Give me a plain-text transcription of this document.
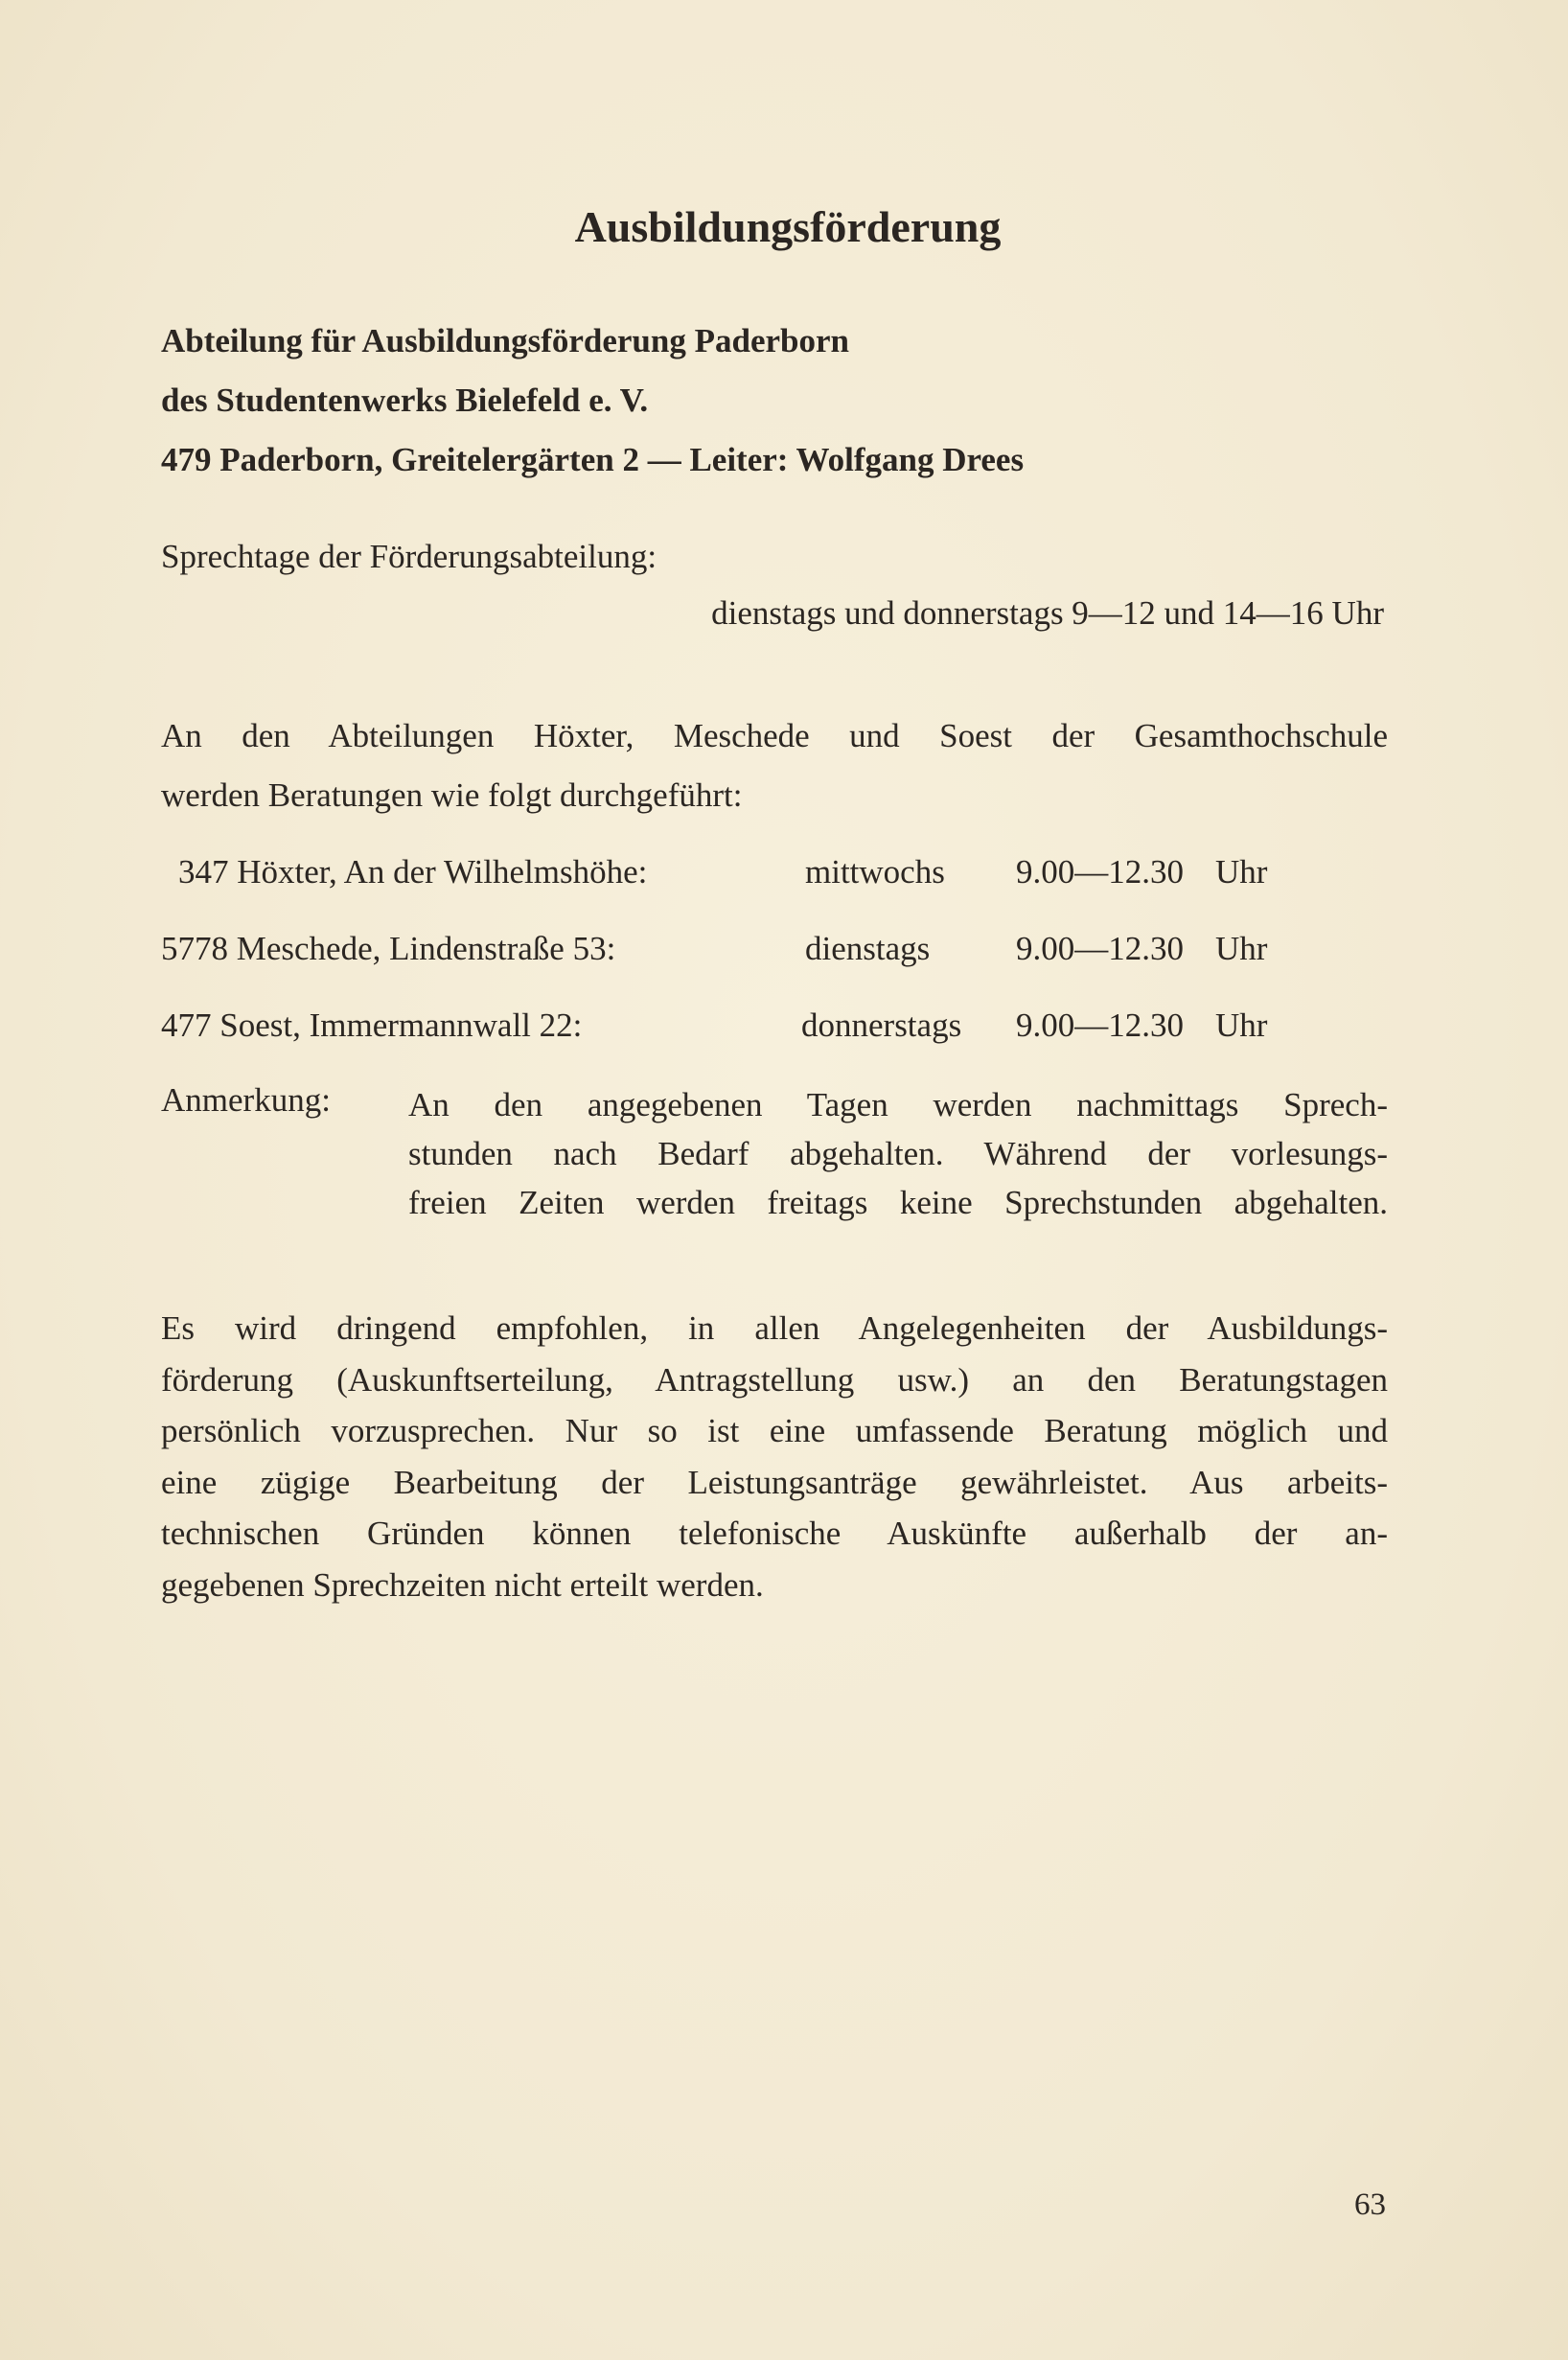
Ausbildungsförderung
Abteilung für Ausbildungsförderung Paderborn
des Studentenwerks Bielefeld e. V.
479 Paderborn, Greitelergärten 2 — Leiter: Wolfgang Drees
Sprechtage der Förderungsabteilung:
dienstags und donnerstags 9—12 und 14—16 Uhr
An den Abteilungen Höxter, Meschede und Soest der Gesamthochschule
werden Beratungen wie folgt durchgeführt:
347 Höxter, An der Wilhelmshöhe:	mittwochs 9.00—12.30 Uhr
5778 Meschede, Lindenstraße 53:	dienstags	9.00—12.30 Uhr
477 Soest, Immermannwall 22:	donnerstags 9.00—12.30 Uhr
Anmerkung: An den angegebenen Tagen werden nachmittags Sprech-
stunden nach Bedarf abgehalten. Während der vorlesungs-
freien Zeiten werden freitags keine Sprechstunden abgehalten.
Es wird dringend empfohlen, in allen Angelegenheiten der Ausbildungs-
förderung (Auskunftserteilung, Antragstellung usw.) an den Beratungstagen
persönlich vorzusprechen. Nur so ist eine umfassende Beratung möglich und
eine zügige Bearbeitung der Leistungsanträge gewährleistet. Aus arbeits-
technischen Gründen können telefonische Auskünfte außerhalb der an-
gegebenen Sprechzeiten nicht erteilt werden.
63
